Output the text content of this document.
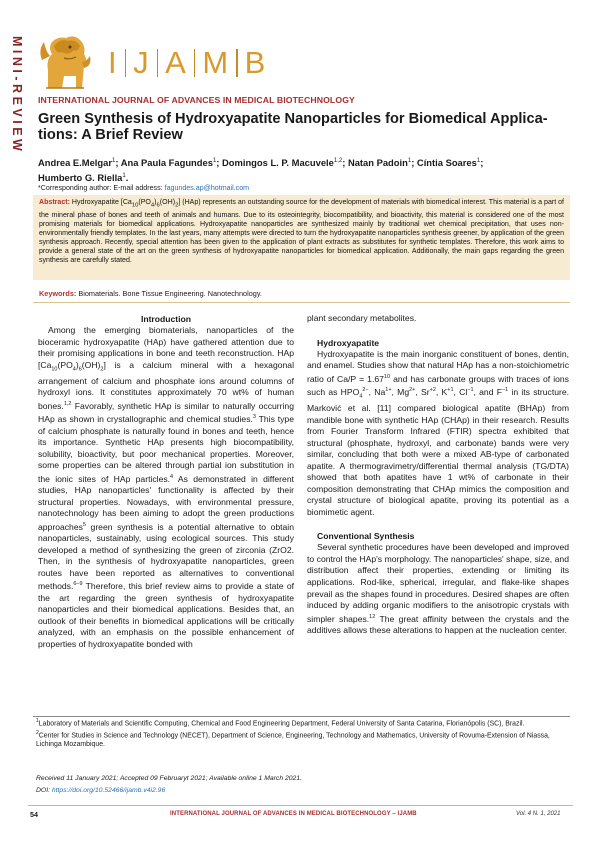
MINI-REVIEW	I J A M B
INTERNATIONAL JOURNAL OF ADVANCES IN MEDICAL BIOTECHNOLOGY
Green Synthesis of Hydroxyapatite Nanoparticles for Biomedical Applica-tions: A Brief Review
Andrea E.Melgar$^1$; Ana Paula Fagundes$^1$; Domingos L. P. Macuvele$^{1,2}$; Natan Padoin$^1$; Cíntia Soares$^1$;
Humberto G. Riella$^1$.
*Corresponding author: E-mail address: fagundes.ap@hotmail.com

Abstract: Hydroxyapatite $[Ca_{10}(PO_4)_6(OH)_2]$ (HAp) represents an outstanding source for the development of materials with biomedical interest. This material is a part of the mineral phase of bones and teeth of animals and humans. Due to its osteointegrity, biocompatibility, and bioactivity, this material is considered one of the most promising materials for biomedical applications. Hydroxyapatite nanoparticles are synthesized mainly by traditional wet chemical precipitation, that uses non-environmentally friendly templates. In the last years, many attempts were directed to turn the hydroxyapatite nanoparticles synthesis greener, by application of the green synthesis approach. Recently, special attention has been given to the application of plant extracts as substitutes for synthetic templates. Therefore, this work aims to provide a general state of the art on the green synthesis of hydroxyapatite nanoparticles for biomedical application. Additionally, the main gaps regarding the green synthesis are carefully stated.

Keywords: Biomaterials. Bone Tissue Engineering. Nanotechnology.
Introduction

Among the emerging biomaterials, nanoparticles of the bioceramic hydroxyapatite (HAp) have gathered attention due to their promising applications in bone and teeth reconstruction. HAp $[Ca_{10}(PO_4)_6(OH)_2]$ is a calcium mineral with a hexagonal arrangement of calcium and phosphate ions around columns of hydroxyl ions. It constitutes approximately 70 wt% of human bones.$^{1,2}$ Favorably, synthetic HAp is similar to naturally occurring HAp as shown in crystallographic and chemical studies.$^3$ This type of calcium phosphate is naturally found in bones and teeth, hence its importance. Synthetic HAp presents high biocompatibility, solubility, bioactivity, but poor mechanical properties. Moreover, some properties can be altered through partial ion substitution in the ionic sites of HAp particles.$^4$ As demonstrated in different studies, HAp nanoparticles' functionality is affected by their structural properties. Nowadays, with environmental pressure, nanotechnology has been aiming to adopt the green productions approaches$^5$ green synthesis is a potential alternative to obtain nanoparticles, sustainably, using ecological sources. This study developed a method of synthesizing the green of zirconia (ZrO2. Then, in the synthesis of hydroxyapatite nanoparticles, green routes have been reported as alternatives to conventional methods.$^{6-9}$ Therefore, this brief review aims to provide a state of the art regarding the green synthesis of hydroxyapatite nanoparticles and their biomedical applications. Besides that, an outlook of their benefits in biomedical applications will be critically analyzed, with an emphasis on the possible enhancement of properties of hydroxyapatite bonded with

plant secondary metabolites.

Hydroxyapatite

Hydroxyapatite is the main inorganic constituent of bones, dentin, and enamel. Studies show that natural HAp has a non-stoichiometric ratio of $Ca/P = 1.67^{10}$ and has carbonate groups with traces of ions such as $HPO_4^{2-}$, $Na^{1+}$, $Mg^{2+}$, $Sr^{+2}$, $K^{+1}$, $Cl^{-1}$, and $F^{-1}$ in its structure. Marković et al. [11] compared biological apatite (BHAp) from mandible bone with synthetic HAp (CHAp) in their research. Results from Fourier Transform Infrared (FTIR) spectra exhibited that structural (phosphate, hydroxyl, and carbonate) bands were very similar, concluding that both were a mixed AB-type of carbonated apatite. A thermogravimetry/differential thermal analysis (TG/DTA) showed that both apatites have 1 wt% of carbonate in their composition demonstrating that CHAp mimics the composition and crystal structure of biological apatite, proving its potential as a biomimetic agent.

Conventional Synthesis

Several synthetic procedures have been developed and improved to control the HAp's morphology. The nanoparticles' shape, size, and distribution affect their properties, extending or limiting its applications. Rod-like, spherical, irregular, and flake-like shapes prevail as the shapes found in procedures. Desired shapes are often induced by adding organic modifiers to the anisotropic crystals with simpler shapes.$^{12}$ The great affinity between the crystals and the additives allows these alterations to happen at the nucleation center.

$^1$Laboratory of Materials and Scientific Computing, Chemical and Food Engineering Department, Federal University of Santa Catarina, Florianópolis (SC), Brazil.
$^2$Center for Studies in Science and Technology (NECET), Department of Science, Engineering, Technology and Mathematics, University of Rovuma-Extension of Niassa, Lichinga Mozambique.
Received 11 January 2021; Accepted 09 Februaryt 2021; Available online 1 March 2021.
DOI: https://doi.org/10.52466/ijamb.v4i2.96
54	INTERNATIONAL JOURNAL OF ADVANCES IN MEDICAL BIOTECHNOLOGY – IJAMB	Vol. 4 N. 1, 2021
